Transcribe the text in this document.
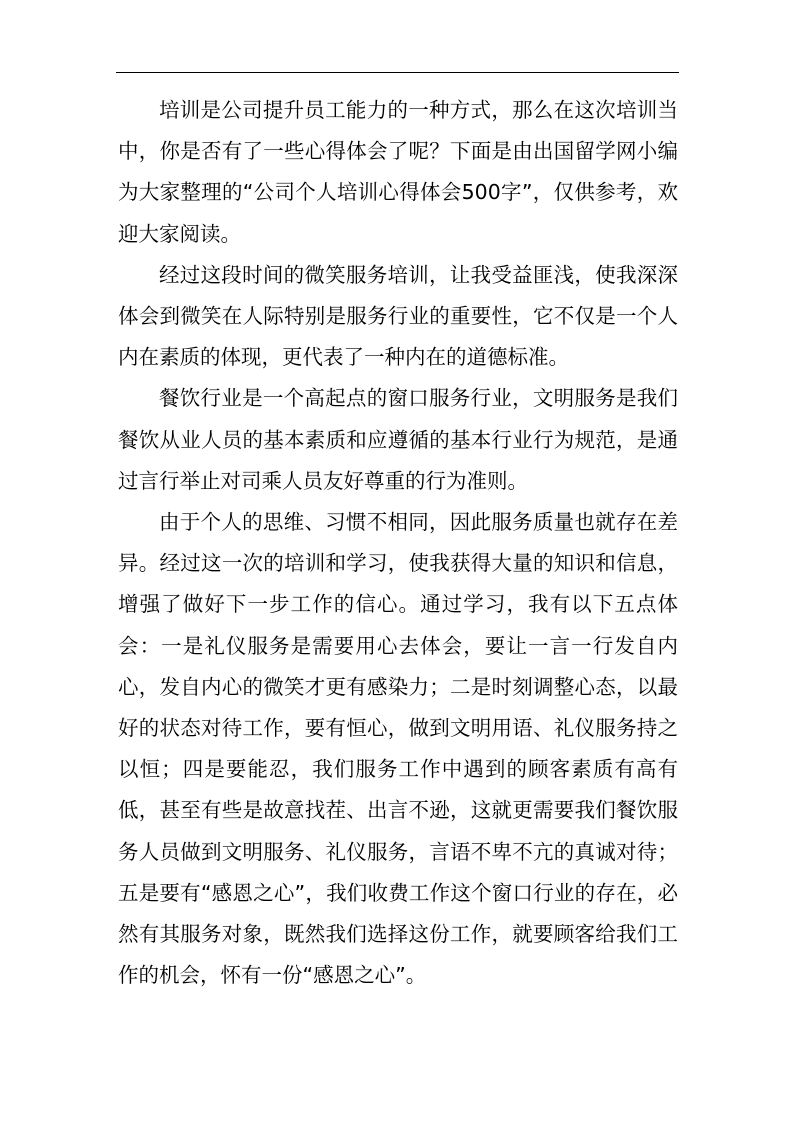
培训是公司提升员工能力的一种方式，那么在这次培训当中，你是否有了一些心得体会了呢？下面是由出国留学网小编为大家整理的“公司个人培训心得体会500字”，仅供参考，欢迎大家阅读。

经过这段时间的微笑服务培训，让我受益匪浅，使我深深体会到微笑在人际特别是服务行业的重要性，它不仅是一个人内在素质的体现，更代表了一种内在的道德标准。

餐饮行业是一个高起点的窗口服务行业，文明服务是我们餐饮从业人员的基本素质和应遵循的基本行业行为规范，是通过言行举止对司乘人员友好尊重的行为准则。

由于个人的思维、习惯不相同，因此服务质量也就存在差异。经过这一次的培训和学习，使我获得大量的知识和信息，增强了做好下一步工作的信心。通过学习，我有以下五点体会：一是礼仪服务是需要用心去体会，要让一言一行发自内心，发自内心的微笑才更有感染力；二是时刻调整心态，以最好的状态对待工作，要有恒心，做到文明用语、礼仪服务持之以恒；四是要能忍，我们服务工作中遇到的顾客素质有高有低，甚至有些是故意找茬、出言不逊，这就更需要我们餐饮服务人员做到文明服务、礼仪服务，言语不卑不亢的真诚对待；五是要有“感恩之心”，我们收费工作这个窗口行业的存在，必然有其服务对象，既然我们选择这份工作，就要顾客给我们工作的机会，怀有一份“感恩之心”。
